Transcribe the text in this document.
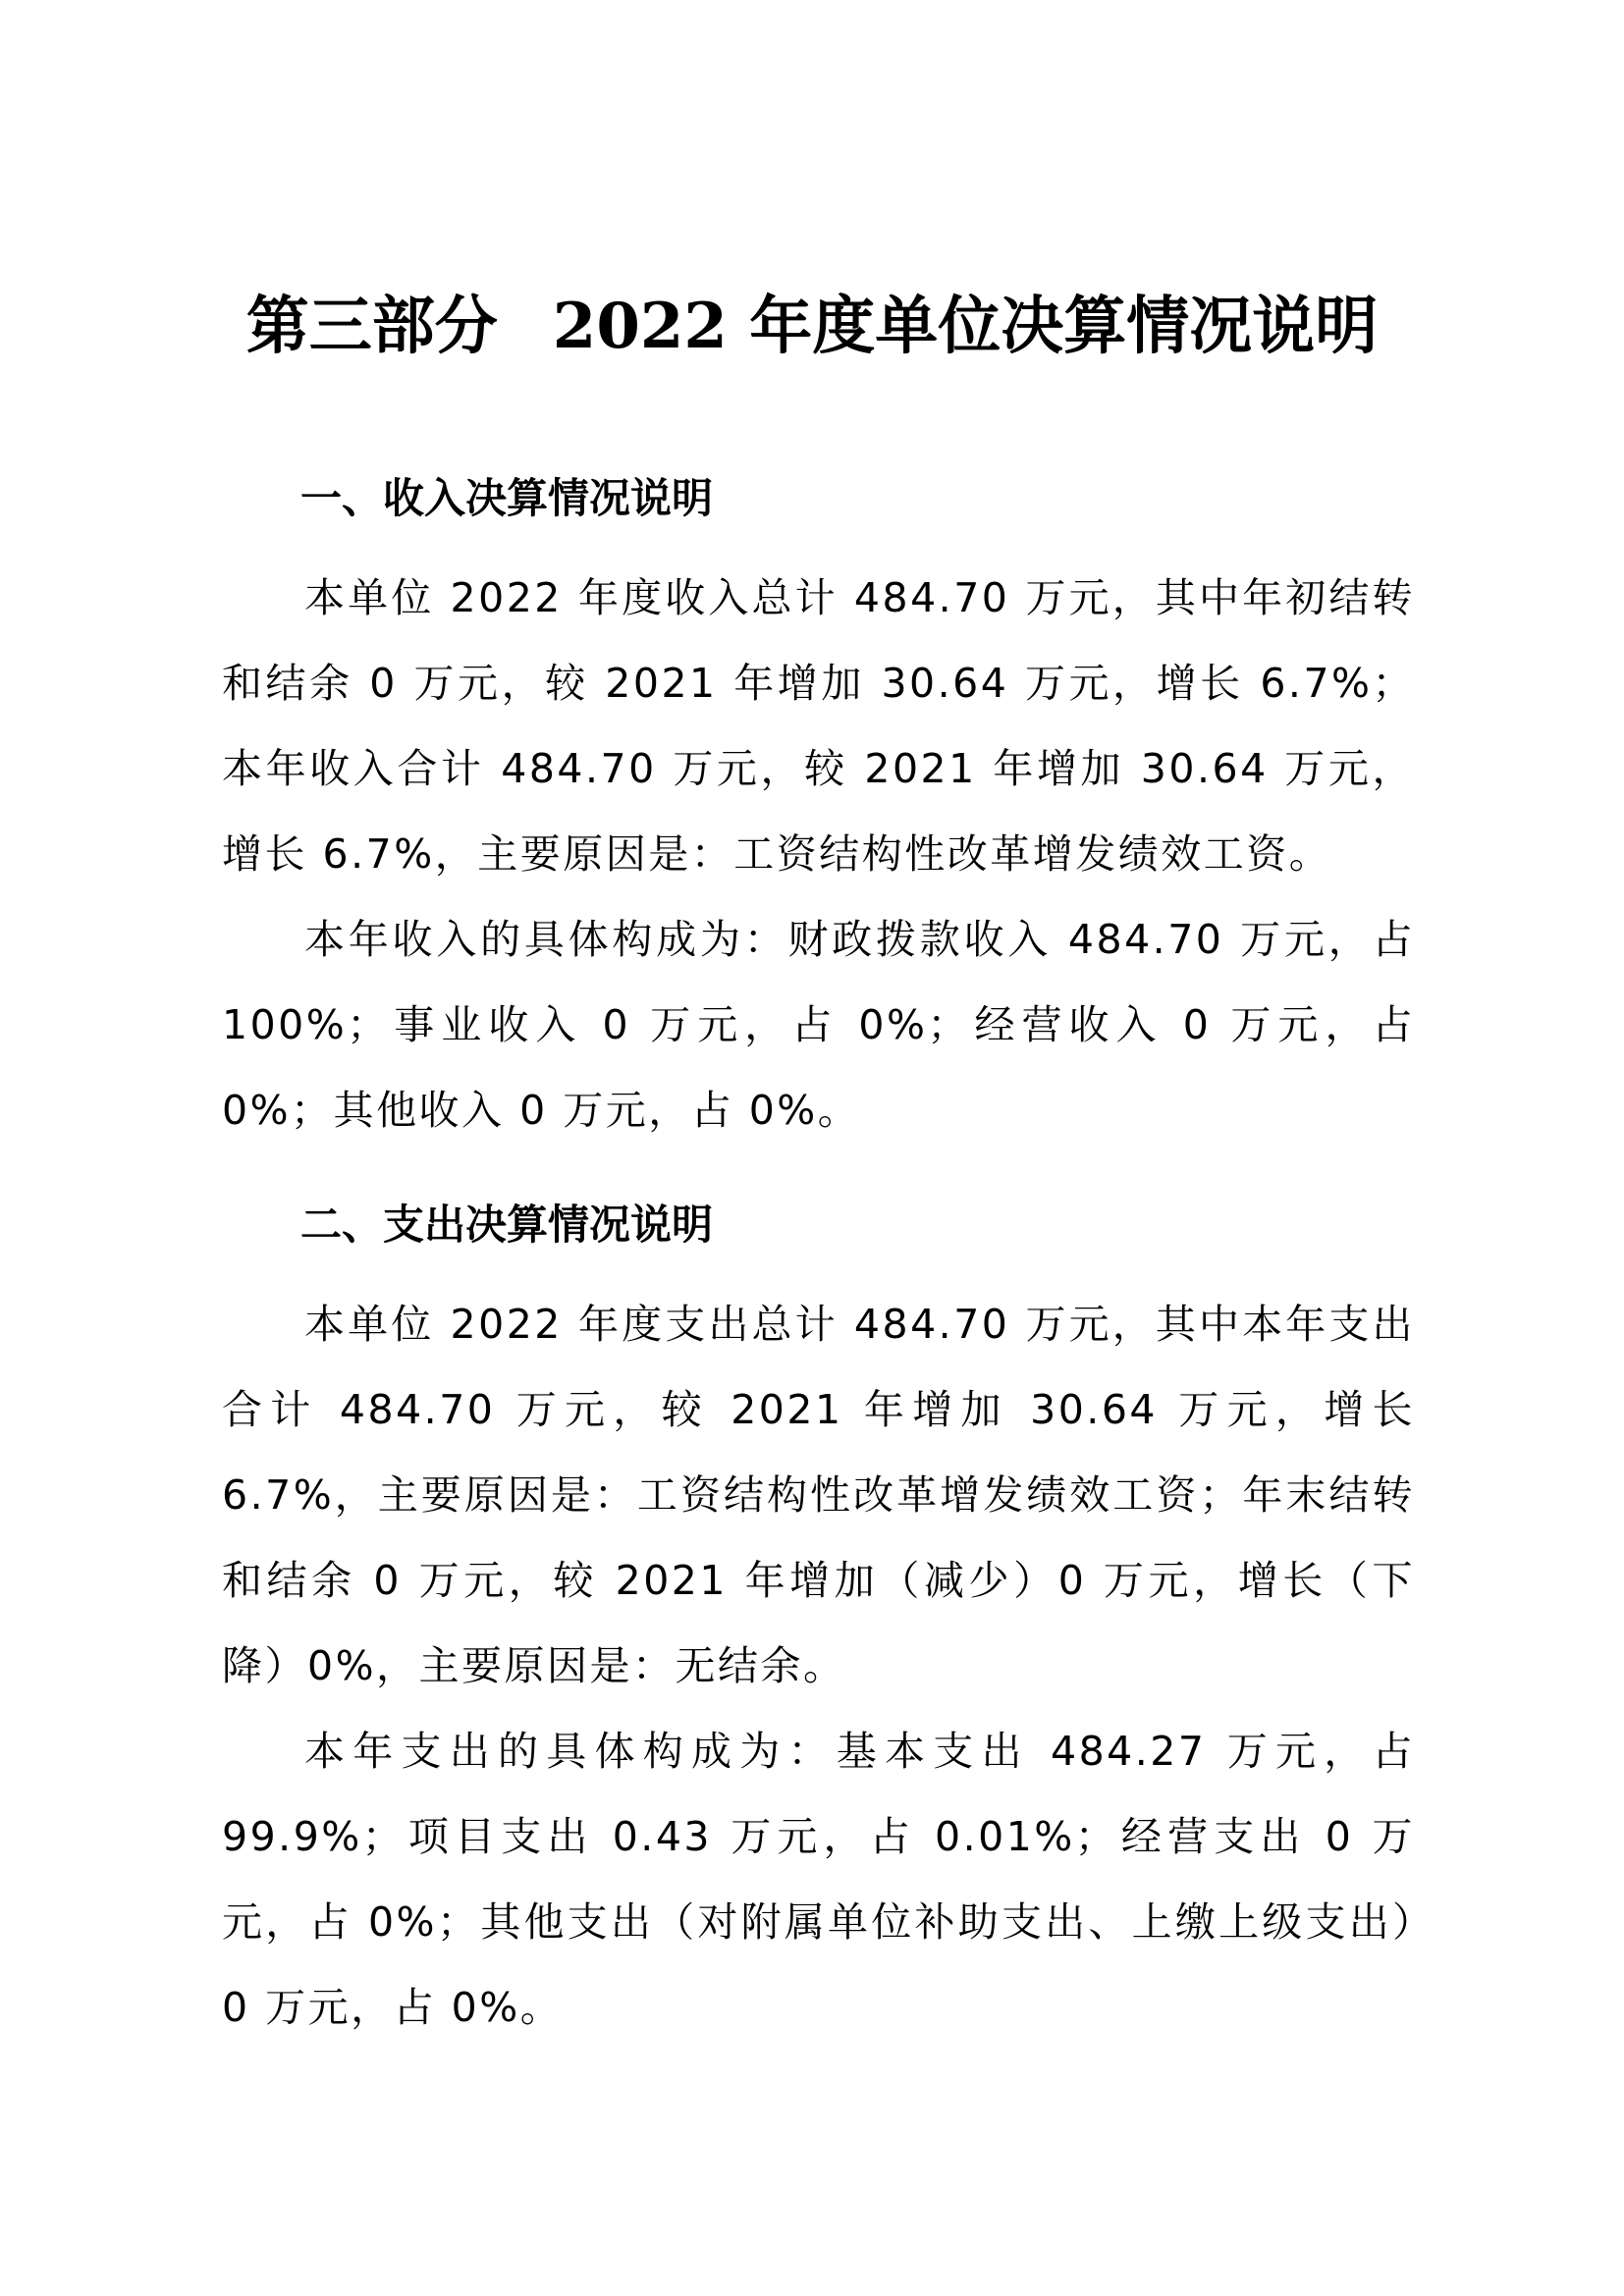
第三部分 2022 年度单位决算情况说明
一、收入决算情况说明

本单位 2022 年度收入总计 484.70 万元，其中年初结转和结余 0 万元，较 2021 年增加 30.64 万元，增长 6.7%；本年收入合计 484.70 万元，较 2021 年增加 30.64 万元，增长 6.7%，主要原因是：工资结构性改革增发绩效工资。

本年收入的具体构成为：财政拨款收入 484.70 万元，占 100%；事业收入 0 万元，占 0%；经营收入 0 万元，占 0%；其他收入 0 万元，占 0%。

二、支出决算情况说明

本单位 2022 年度支出总计 484.70 万元，其中本年支出合计 484.70 万元，较 2021 年增加 30.64 万元，增长 6.7%，主要原因是：工资结构性改革增发绩效工资；年末结转和结余 0 万元，较 2021 年增加（减少）0 万元，增长（下降）0%，主要原因是：无结余。

本年支出的具体构成为：基本支出 484.27 万元，占 99.9%；项目支出 0.43 万元，占 0.01%；经营支出 0 万元，占 0%；其他支出（对附属单位补助支出、上缴上级支出）0 万元，占 0%。
